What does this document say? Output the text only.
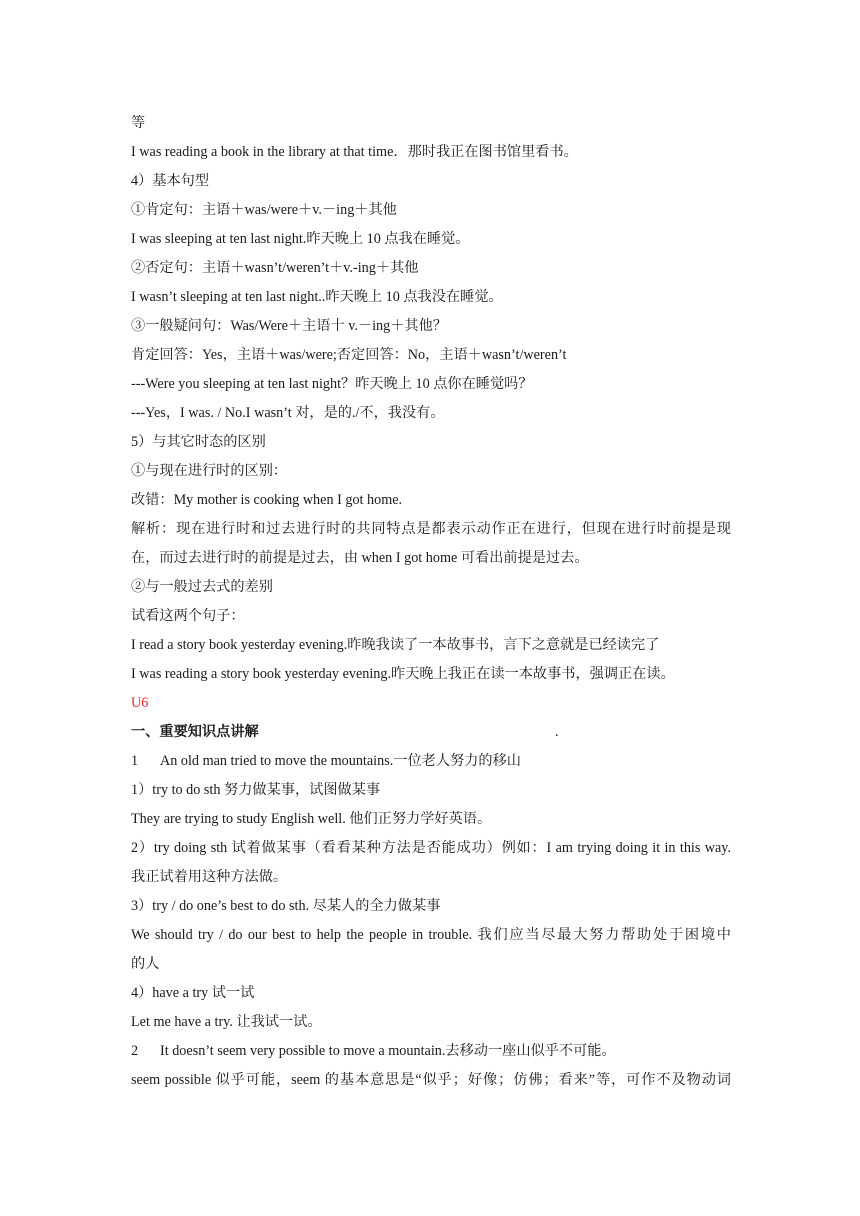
等
I was reading a book in the library at that time．那时我正在图书馆里看书。
4）基本句型
①肯定句：主语＋was/were＋v.－ing＋其他
I was sleeping at ten last night.昨天晚上 10 点我在睡觉。
②否定句：主语＋wasn’t/weren’t＋v.-ing＋其他
I wasn’t sleeping at ten last night..昨天晚上 10 点我没在睡觉。
③一般疑问句：Was/Were＋主语十 v.－ing＋其他？
肯定回答：Yes，主语＋was/were;否定回答：No，主语＋wasn’t/weren’t
---Were you sleeping at ten last night？昨天晚上 10 点你在睡觉吗？
---Yes，I was. / No.I wasn’t 对，是的./不，我没有。
5）与其它时态的区别
①与现在进行时的区别：
改错：My mother is cooking when I got home.
解析：现在进行时和过去进行时的共同特点是都表示动作正在进行，但现在进行时前提是现
在，而过去进行时的前提是过去，由 when I got home 可看出前提是过去。
②与一般过去式的差别
试看这两个句子：
I read a story book yesterday evening.昨晚我读了一本故事书，言下之意就是已经读完了
I was reading a story book yesterday evening.昨天晚上我正在读一本故事书，强调正在读。
U6
一、重要知识点讲解	.
1 An old man tried to move the mountains.一位老人努力的移山
1）try to do sth 努力做某事，试图做某事
They are trying to study English well. 他们正努力学好英语。
2）try doing sth 试着做某事（看看某种方法是否能成功）例如：I am trying doing it in this way.
我正试着用这种方法做。
3）try / do one’s best to do sth. 尽某人的全力做某事
We should try / do our best to help the people in trouble. 我们应当尽最大努力帮助处于困境中
的人
4）have a try 试一试
Let me have a try. 让我试一试。
2 It doesn’t seem very possible to move a mountain.去移动一座山似乎不可能。
seem possible 似乎可能，seem 的基本意思是“似乎；好像；仿佛；看来”等，可作不及物动词
